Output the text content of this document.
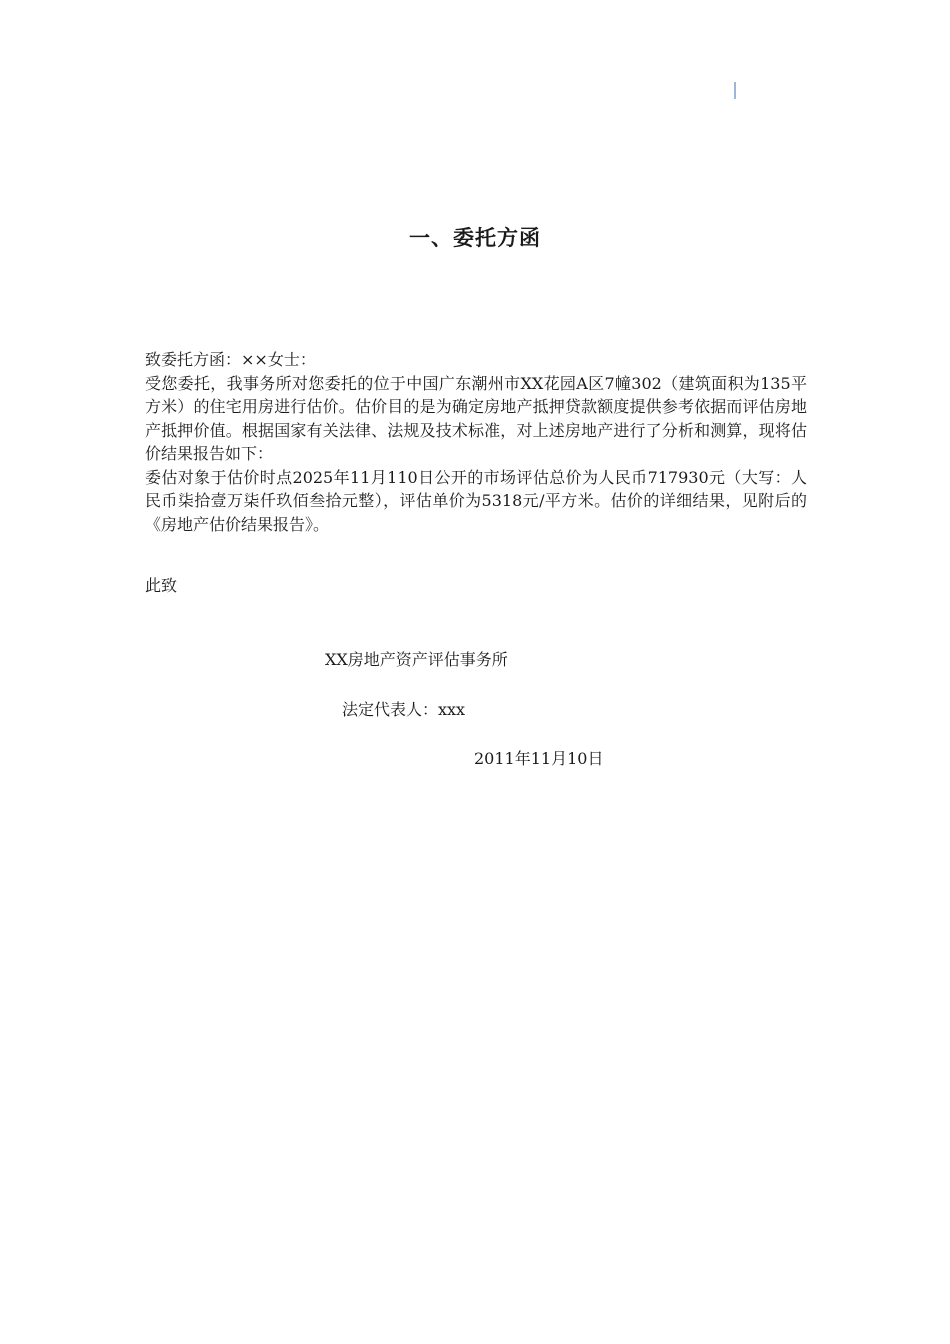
一、委托方函

致委托方函：××女士：

受您委托，我事务所对您委托的位于中国广东潮州市XX花园A区7幢302（建筑面积为135平方米）的住宅用房进行估价。估价目的是为确定房地产抵押贷款额度提供参考依据而评估房地产抵押价值。根据国家有关法律、法规及技术标准，对上述房地产进行了分析和测算，现将估价结果报告如下：

委估对象于估价时点2025年11月110日公开的市场评估总价为人民币717930元（大写：人民币柒拾壹万柒仟玖佰叁拾元整），评估单价为5318元/平方米。估价的详细结果，见附后的《房地产估价结果报告》。

此致
XX房地产资产评估事务所
法定代表人：xxx
2011年11月10日
